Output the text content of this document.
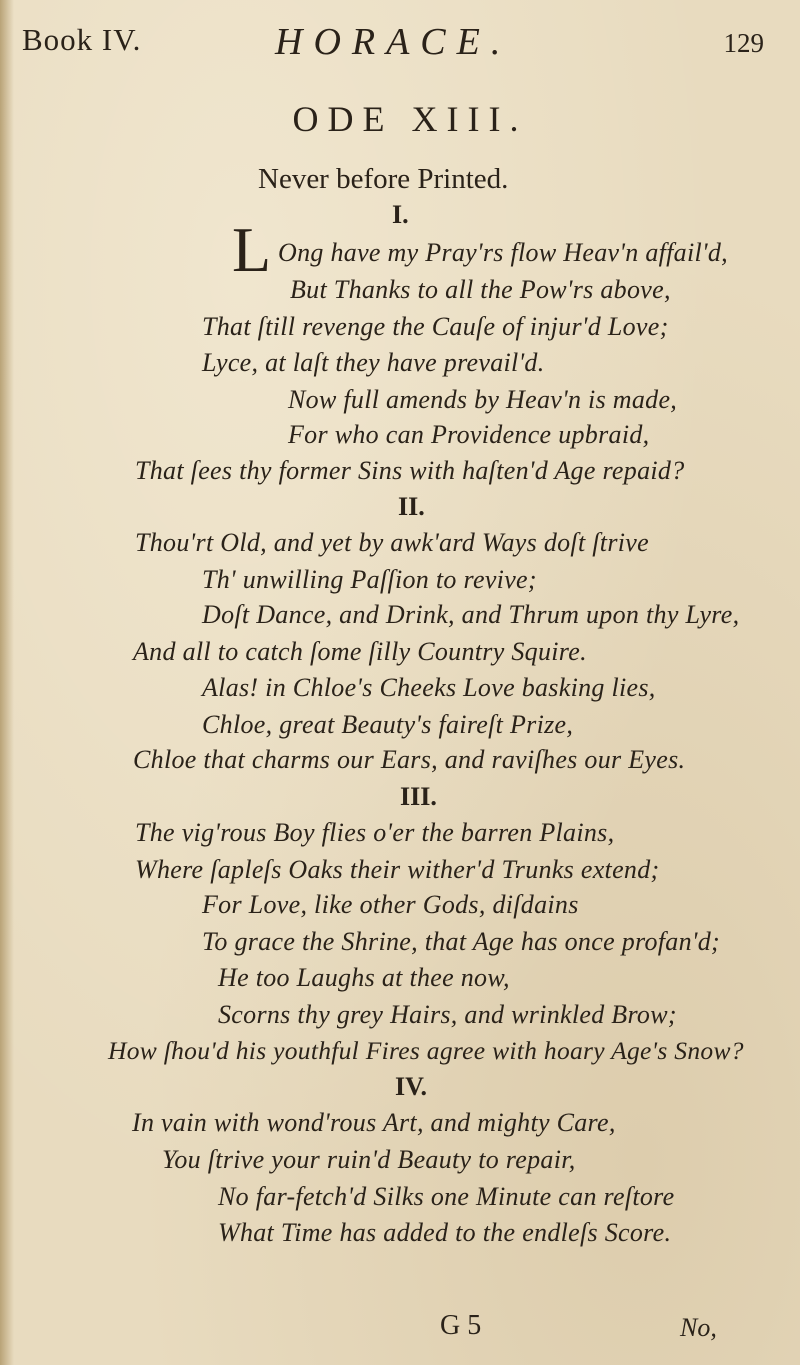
Book IV.	HORACE.	129
ODE XIII.
Never before Printed.
I.
L Ong have my Pray'rs flow Heav'n affail'd,
But Thanks to all the Pow'rs above,
That ſtill revenge the Cauſe of injur'd Love;
Lyce, at laſt they have prevail'd.
Now full amends by Heav'n is made,
For who can Providence upbraid,
That ſees thy former Sins with haſten'd Age repaid?
II.
Thou'rt Old, and yet by awk'ard Ways doſt ſtrive
Th' unwilling Paſſion to revive;
Doſt Dance, and Drink, and Thrum upon thy Lyre,
And all to catch ſome ſilly Country Squire.
Alas! in Chloe's Cheeks Love basking lies,
Chloe, great Beauty's faireſt Prize,
Chloe that charms our Ears, and raviſhes our Eyes.
III.
The vig'rous Boy flies o'er the barren Plains,
Where ſapleſs Oaks their wither'd Trunks extend;
For Love, like other Gods, diſdains
To grace the Shrine, that Age has once profan'd;
He too Laughs at thee now,
Scorns thy grey Hairs, and wrinkled Brow;
How ſhou'd his youthful Fires agree with hoary Age's Snow?
IV.
In vain with wond'rous Art, and mighty Care,
You ſtrive your ruin'd Beauty to repair,
No far-fetch'd Silks one Minute can reſtore
What Time has added to the endleſs Score.
G 5	No,
